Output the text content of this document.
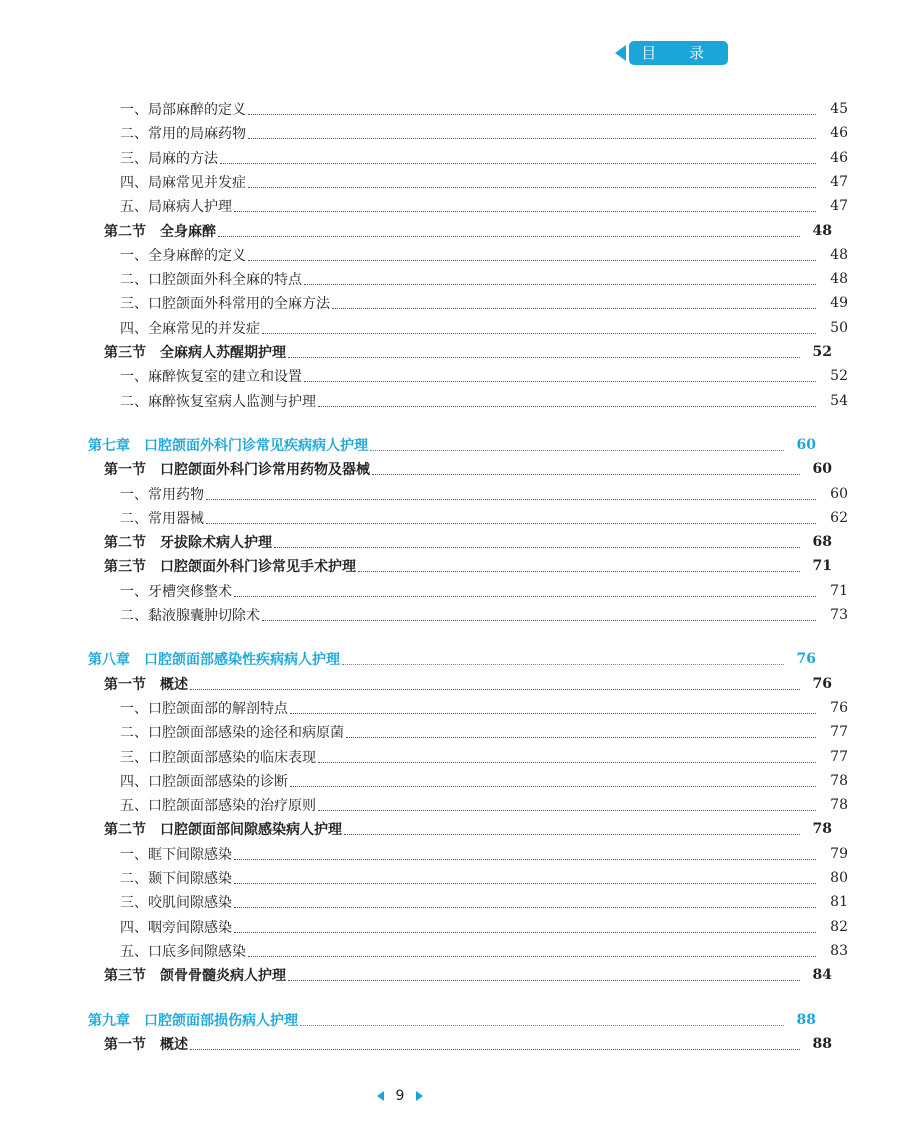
目 录
一、局部麻醉的定义	45
二、常用的局麻药物	46
三、局麻的方法	46
四、局麻常见并发症	47
五、局麻病人护理	47
第二节　全身麻醉	48
一、全身麻醉的定义	48
二、口腔颌面外科全麻的特点	48
三、口腔颌面外科常用的全麻方法	49
四、全麻常见的并发症	50
第三节　全麻病人苏醒期护理	52
一、麻醉恢复室的建立和设置	52
二、麻醉恢复室病人监测与护理	54
第七章　口腔颌面外科门诊常见疾病病人护理	60
第一节　口腔颌面外科门诊常用药物及器械	60
一、常用药物	60
二、常用器械	62
第二节　牙拔除术病人护理	68
第三节　口腔颌面外科门诊常见手术护理	71
一、牙槽突修整术	71
二、黏液腺囊肿切除术	73
第八章　口腔颌面部感染性疾病病人护理	76
第一节　概述	76
一、口腔颌面部的解剖特点	76
二、口腔颌面部感染的途径和病原菌	77
三、口腔颌面部感染的临床表现	77
四、口腔颌面部感染的诊断	78
五、口腔颌面部感染的治疗原则	78
第二节　口腔颌面部间隙感染病人护理	78
一、眶下间隙感染	79
二、颞下间隙感染	80
三、咬肌间隙感染	81
四、咽旁间隙感染	82
五、口底多间隙感染	83
第三节　颌骨骨髓炎病人护理	84
第九章　口腔颌面部损伤病人护理	88
第一节　概述	88
9
